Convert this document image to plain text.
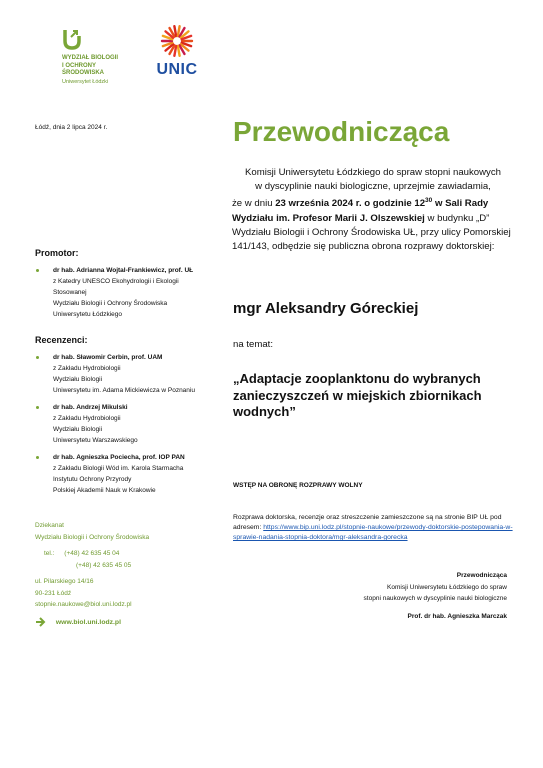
WYDZIAŁ BIOLOGII
I OCHRONY
ŚRODOWISKA
Uniwersytet Łódzki
UNIC
Łódź, dnia 2 lipca 2024 r.
Promotor:
dr hab. Adrianna Wojtal-Frankiewicz, prof. UŁ
z Katedry UNESCO Ekohydrologii i Ekologii
Stosowanej
Wydziału Biologii i Ochrony Środowiska
Uniwersytetu Łódzkiego
Recenzenci:
dr hab. Sławomir Cerbin, prof. UAM
z Zakładu Hydrobiologii
Wydziału Biologii
Uniwersytetu im. Adama Mickiewicza w Poznaniu
dr hab. Andrzej Mikulski
z Zakładu Hydrobiologii
Wydziału Biologii
Uniwersytetu Warszawskiego
dr hab. Agnieszka Pociecha, prof. IOP PAN
z Zakładu Biologii Wód im. Karola Starmacha
Instytutu Ochrony Przyrody
Polskiej Akademii Nauk w Krakowie
Dziekanat
Wydziału Biologii i Ochrony Środowiska
tel.: (+48) 42 635 45 04
(+48) 42 635 45 05
ul. Pilarskiego 14/16
90-231 Łódź
stopnie.naukowe@biol.uni.lodz.pl
www.biol.uni.lodz.pl
Przewodnicząca
Komisji Uniwersytetu Łódzkiego do spraw stopni naukowych
w dyscyplinie nauki biologiczne, uprzejmie zawiadamia,
że w dniu 23 września 2024 r. o godzinie $12^{30}$ w Sali Rady Wydziału im. Profesor Marii J. Olszewskiej w budynku „D” Wydziału Biologii i Ochrony Środowiska UŁ, przy ulicy Pomorskiej 141/143, odbędzie się publiczna obrona rozprawy doktorskiej:
mgr Aleksandry Góreckiej
na temat:
„Adaptacje zooplanktonu do wybranych zanieczyszczeń w miejskich zbiornikach wodnych”
WSTĘP NA OBRONĘ ROZPRAWY WOLNY
Rozprawa doktorska, recenzje oraz streszczenie zamieszczone są na stronie BIP UŁ pod adresem: https://www.bip.uni.lodz.pl/stopnie-naukowe/przewody-doktorskie-postepowania-w-sprawie-nadania-stopnia-doktora/mgr-aleksandra-gorecka
Przewodnicząca
Komisji Uniwersytetu Łódzkiego do spraw
stopni naukowych w dyscyplinie nauki biologiczne
Prof. dr hab. Agnieszka Marczak
